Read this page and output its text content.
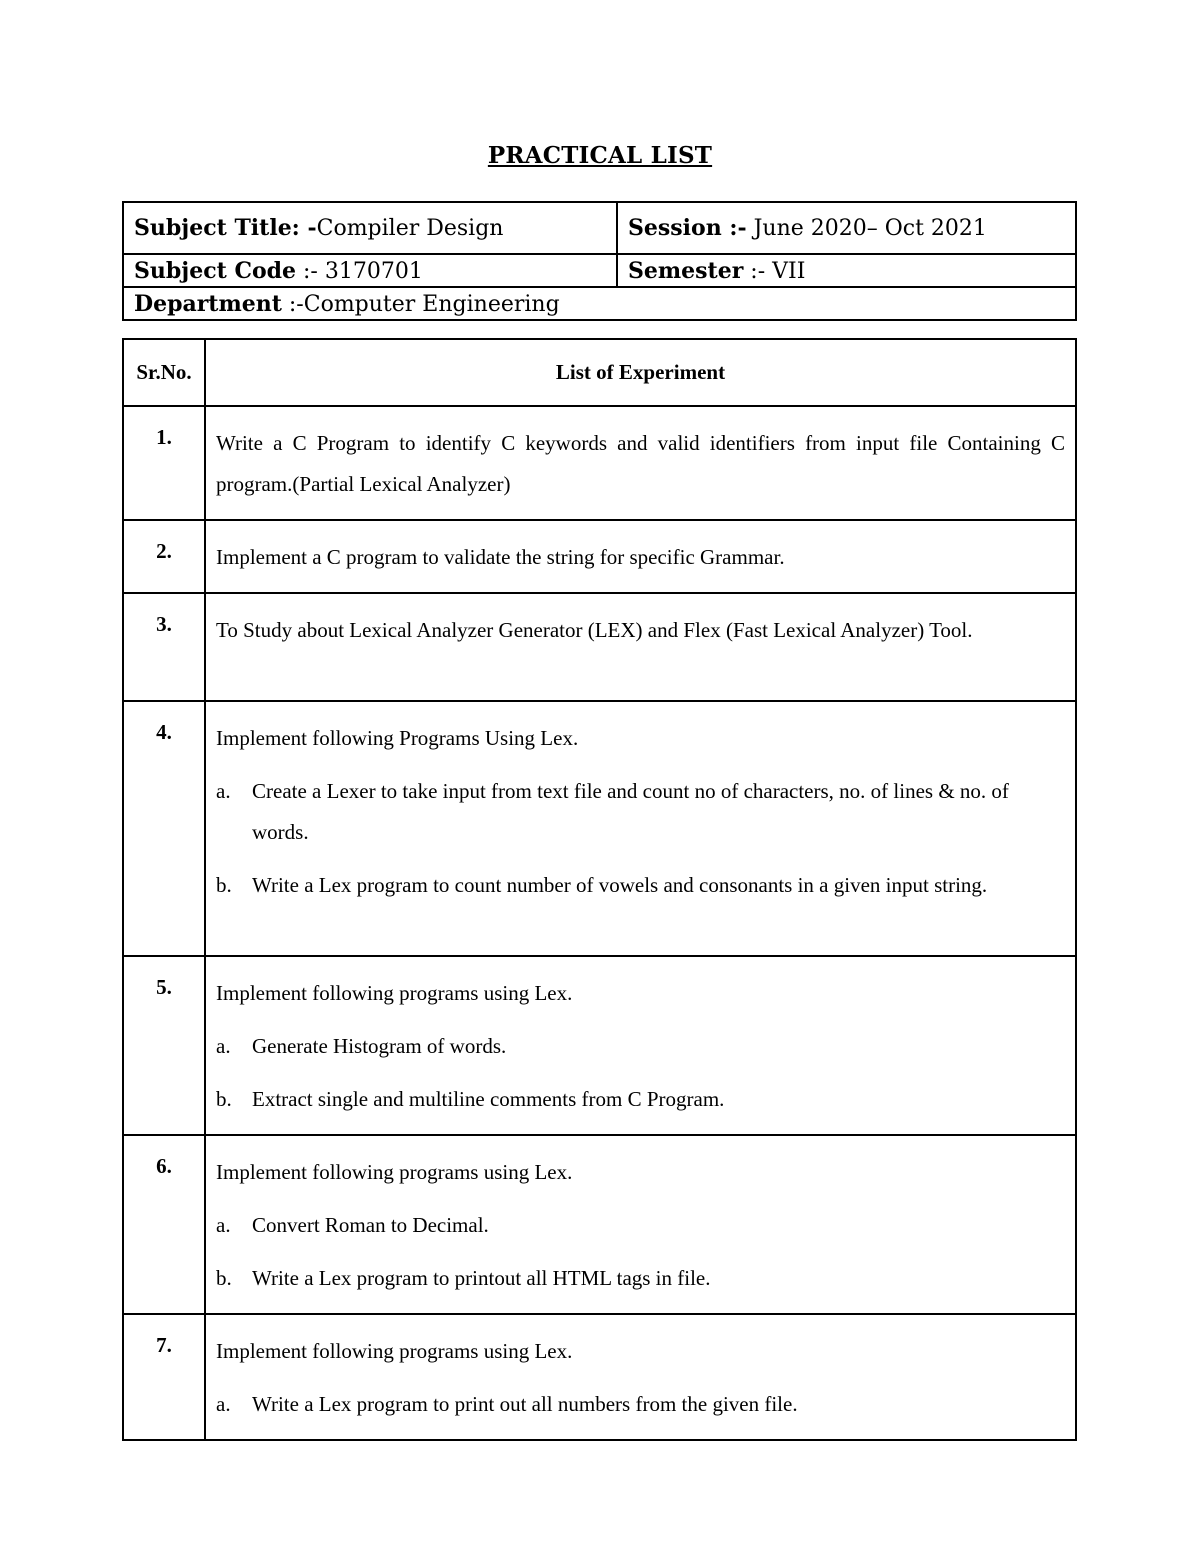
PRACTICAL LIST
Subject Title: -Compiler Design	Session :- June 2020– Oct 2021
Subject Code :- 3170701	Semester :- VII
Department :-Computer Engineering	
Sr.No.	List of Experiment
1.	Write a C Program to identify C keywords and valid identifiers from input file Containing C program.(Partial Lexical Analyzer)
2.	Implement a C program to validate the string for specific Grammar.
3.	To Study about Lexical Analyzer Generator (LEX) and Flex (Fast Lexical Analyzer) Tool.
4.	Implement following Programs Using Lex.
a. Create a Lexer to take input from text file and count no of characters, no. of lines & no. of words.
b. Write a Lex program to count number of vowels and consonants in a given input string.

5.	Implement following programs using Lex.
a. Generate Histogram of words.
b. Extract single and multiline comments from C Program.

6.	Implement following programs using Lex.
a. Convert Roman to Decimal.
b. Write a Lex program to printout all HTML tags in file.

7.	Implement following programs using Lex.
a. Write a Lex program to print out all numbers from the given file.
